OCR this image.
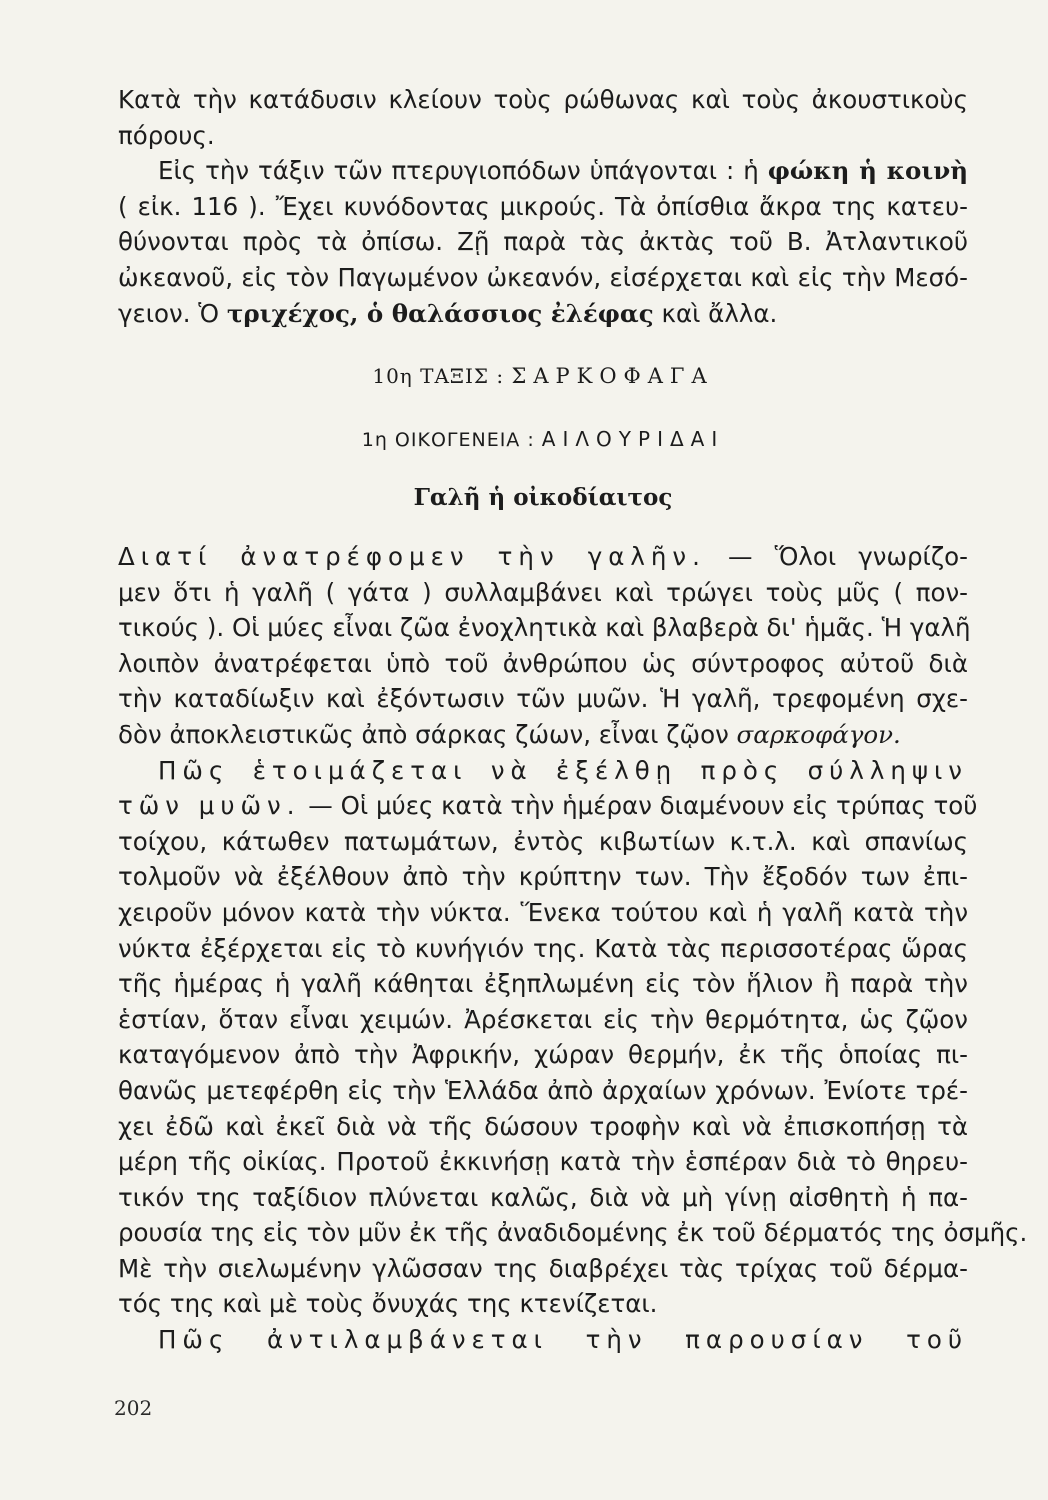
Κατὰ τὴν κατάδυσιν κλείουν τοὺς ρώθωνας καὶ τοὺς ἀκουστικοὺς
πόρους.
Εἰς τὴν τάξιν τῶν πτερυγιοπόδων ὑπάγονται : ἡ φώκη ἡ κοινὴ
( εἰκ. 116 ). Ἔχει κυνόδοντας μικρούς. Τὰ ὀπίσθια ἄκρα της κατευ-
θύνονται πρὸς τὰ ὀπίσω. Ζῇ παρὰ τὰς ἀκτὰς τοῦ Β. Ἀτλαντικοῦ
ὠκεανοῦ, εἰς τὸν Παγωμένον ὠκεανόν, εἰσέρχεται καὶ εἰς τὴν Μεσό-
γειον. Ὁ τριχέχος, ὁ θαλάσσιος ἐλέφας καὶ ἄλλα.
10η ΤΑΞΙΣ : ΣΑΡΚΟΦΑΓΑ
1η ΟΙΚΟΓΕΝΕΙΑ : ΑΙΛΟΥΡΙΔΑΙ
Γαλῆ ἡ οἰκοδίαιτος
Διατί ἀνατρέφομεν τὴν γαλῆν. — Ὅλοι γνωρίζο-
μεν ὅτι ἡ γαλῆ ( γάτα ) συλλαμβάνει καὶ τρώγει τοὺς μῦς ( πον-
τικούς ). Οἱ μύες εἶναι ζῶα ἐνοχλητικὰ καὶ βλαβερὰ δι' ἡμᾶς. Ἡ γαλῆ
λοιπὸν ἀνατρέφεται ὑπὸ τοῦ ἀνθρώπου ὡς σύντροφος αὐτοῦ διὰ
τὴν καταδίωξιν καὶ ἐξόντωσιν τῶν μυῶν. Ἡ γαλῆ, τρεφομένη σχε-
δὸν ἀποκλειστικῶς ἀπὸ σάρκας ζώων, εἶναι ζῷον σαρκοφάγον.
Πῶς ἑτοιμάζεται νὰ ἐξέλθῃ πρὸς σύλληψιν
τῶν μυῶν. — Οἱ μύες κατὰ τὴν ἡμέραν διαμένουν εἰς τρύπας τοῦ
τοίχου, κάτωθεν πατωμάτων, ἐντὸς κιβωτίων κ.τ.λ. καὶ σπανίως
τολμοῦν νὰ ἐξέλθουν ἀπὸ τὴν κρύπτην των. Τὴν ἔξοδόν των ἐπι-
χειροῦν μόνον κατὰ τὴν νύκτα. Ἕνεκα τούτου καὶ ἡ γαλῆ κατὰ τὴν
νύκτα ἐξέρχεται εἰς τὸ κυνήγιόν της. Κατὰ τὰς περισσοτέρας ὥρας
τῆς ἡμέρας ἡ γαλῆ κάθηται ἐξηπλωμένη εἰς τὸν ἥλιον ἢ παρὰ τὴν
ἑστίαν, ὅταν εἶναι χειμών. Ἀρέσκεται εἰς τὴν θερμότητα, ὡς ζῷον
καταγόμενον ἀπὸ τὴν Ἀφρικήν, χώραν θερμήν, ἐκ τῆς ὁποίας πι-
θανῶς μετεφέρθη εἰς τὴν Ἑλλάδα ἀπὸ ἀρχαίων χρόνων. Ἐνίοτε τρέ-
χει ἐδῶ καὶ ἐκεῖ διὰ νὰ τῆς δώσουν τροφὴν καὶ νὰ ἐπισκοπήσῃ τὰ
μέρη τῆς οἰκίας. Προτοῦ ἐκκινήσῃ κατὰ τὴν ἑσπέραν διὰ τὸ θηρευ-
τικόν της ταξίδιον πλύνεται καλῶς, διὰ νὰ μὴ γίνῃ αἰσθητὴ ἡ πα-
ρουσία της εἰς τὸν μῦν ἐκ τῆς ἀναδιδομένης ἐκ τοῦ δέρματός της ὀσμῆς.
Μὲ τὴν σιελωμένην γλῶσσαν της διαβρέχει τὰς τρίχας τοῦ δέρμα-
τός της καὶ μὲ τοὺς ὄνυχάς της κτενίζεται.
Πῶς ἀντιλαμβάνεται τὴν παρουσίαν τοῦ
202
